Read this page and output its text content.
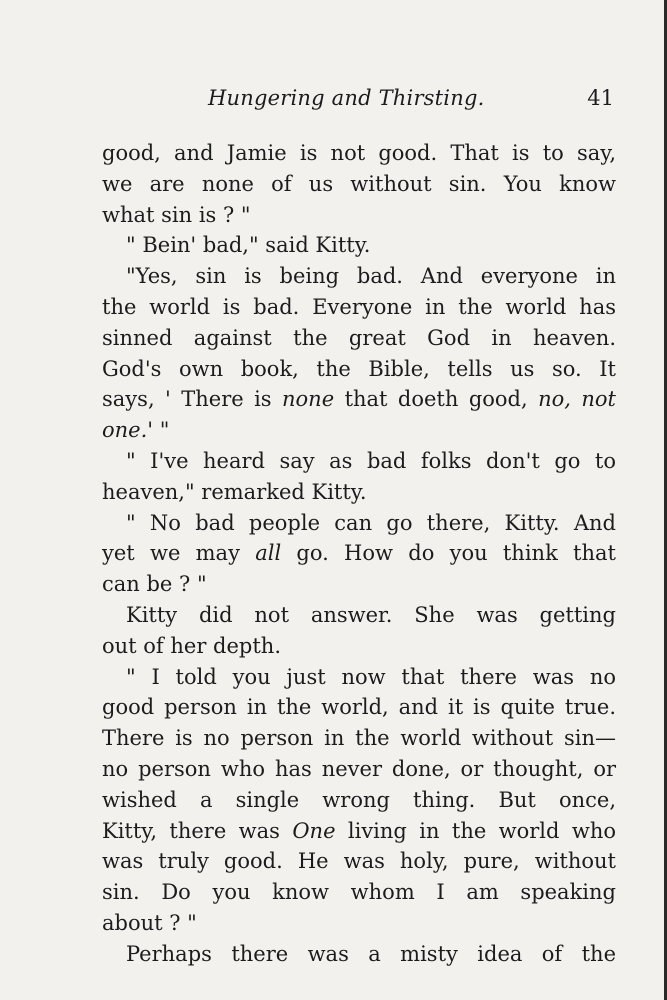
Hungering and Thirsting.	41
good, and Jamie is not good. That is to say,
we are none of us without sin. You know
what sin is ? "
" Bein' bad," said Kitty.
"Yes, sin is being bad. And everyone in
the world is bad. Everyone in the world has
sinned against the great God in heaven.
God's own book, the Bible, tells us so. It
says, ' There is none that doeth good, no, not
one.' "
" I've heard say as bad folks don't go to
heaven," remarked Kitty.
" No bad people can go there, Kitty. And
yet we may all go. How do you think that
can be ? "
Kitty did not answer. She was getting
out of her depth.
" I told you just now that there was no
good person in the world, and it is quite true.
There is no person in the world without sin—
no person who has never done, or thought, or
wished a single wrong thing. But once,
Kitty, there was One living in the world who
was truly good. He was holy, pure, without
sin. Do you know whom I am speaking
about ? "
Perhaps there was a misty idea of the
